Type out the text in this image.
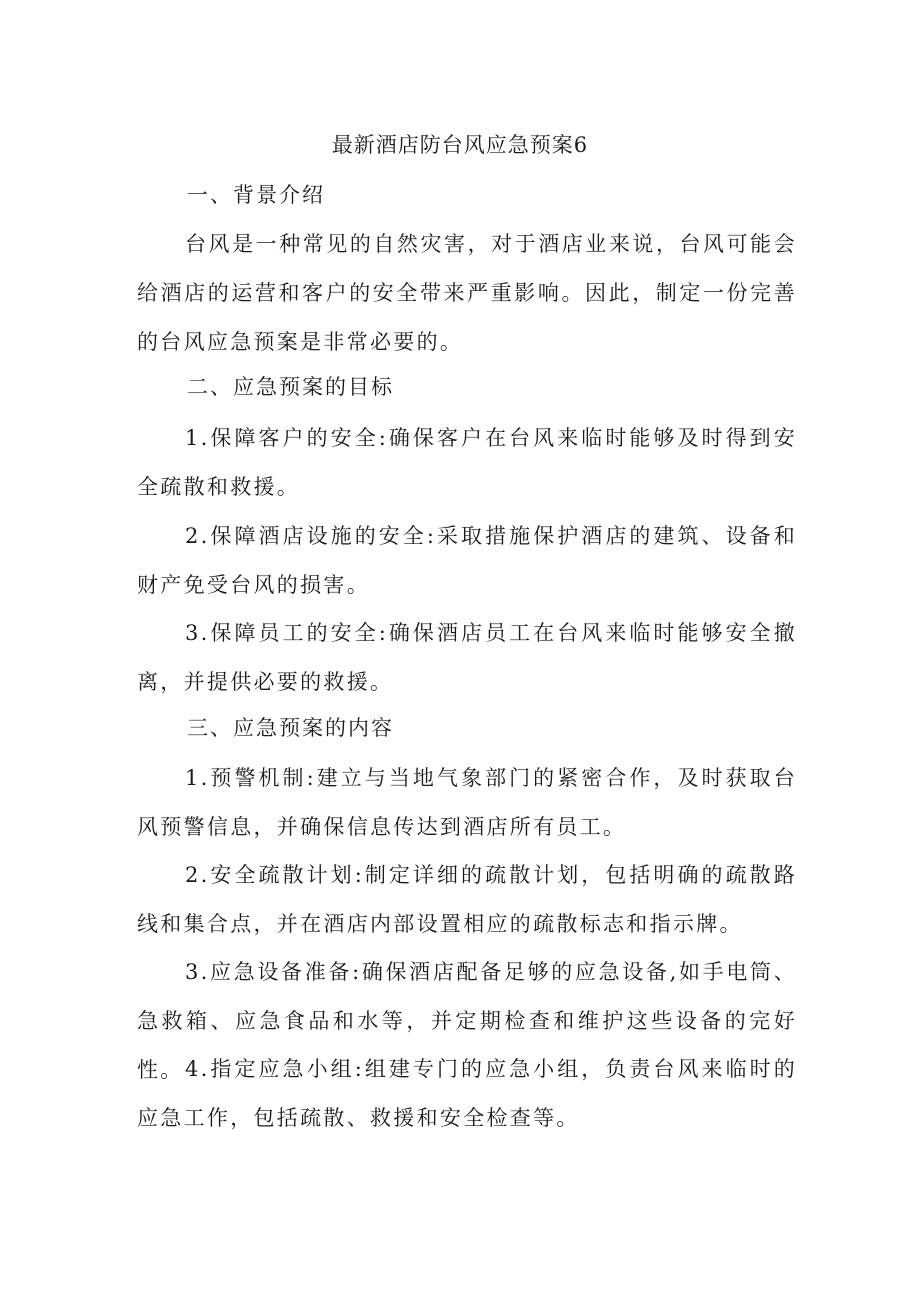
最新酒店防台风应急预案6
一、背景介绍
台风是一种常见的自然灾害，对于酒店业来说，台风可能会给酒店的运营和客户的安全带来严重影响。因此，制定一份完善的台风应急预案是非常必要的。
二、应急预案的目标
1.保障客户的安全:确保客户在台风来临时能够及时得到安全疏散和救援。
2.保障酒店设施的安全:采取措施保护酒店的建筑、设备和财产免受台风的损害。
3.保障员工的安全:确保酒店员工在台风来临时能够安全撤离，并提供必要的救援。
三、应急预案的内容
1.预警机制:建立与当地气象部门的紧密合作，及时获取台风预警信息，并确保信息传达到酒店所有员工。
2.安全疏散计划:制定详细的疏散计划，包括明确的疏散路线和集合点，并在酒店内部设置相应的疏散标志和指示牌。
3.应急设备准备:确保酒店配备足够的应急设备,如手电筒、急救箱、应急食品和水等，并定期检查和维护这些设备的完好性。 4.指定应急小组:组建专门的应急小组，负责台风来临时的应急工作，包括疏散、救援和安全检查等。
